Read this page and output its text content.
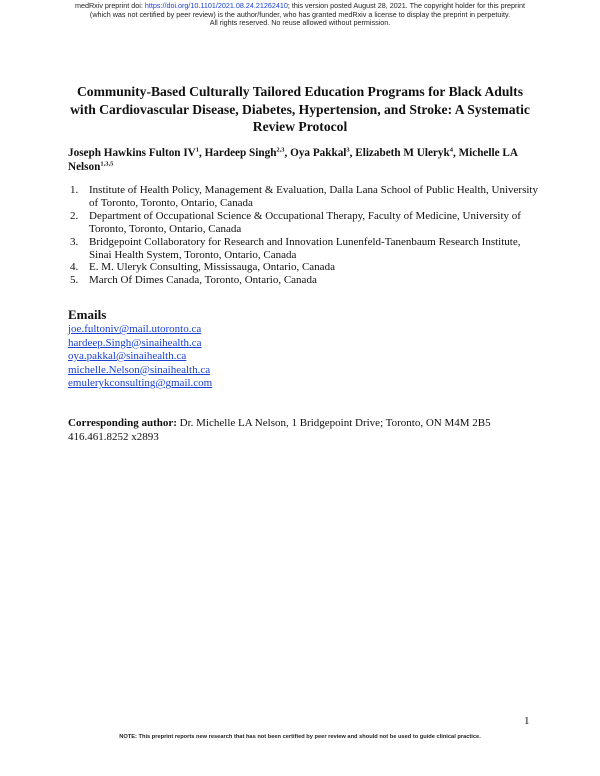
medRxiv preprint doi: https://doi.org/10.1101/2021.08.24.21262410; this version posted August 28, 2021. The copyright holder for this preprint
(which was not certified by peer review) is the author/funder, who has granted medRxiv a license to display the preprint in perpetuity.
All rights reserved. No reuse allowed without permission.
Community-Based Culturally Tailored Education Programs for Black Adults with Cardiovascular Disease, Diabetes, Hypertension, and Stroke: A Systematic Review Protocol
Joseph Hawkins Fulton $IV^1$, Hardeep Singh$^{2,3}$, Oya Pakkal$^3$, Elizabeth M Uleryk$^4$, Michelle LA Nelson$^{1,3,5}$
1. Institute of Health Policy, Management & Evaluation, Dalla Lana School of Public Health, University of Toronto, Toronto, Ontario, Canada
2. Department of Occupational Science & Occupational Therapy, Faculty of Medicine, University of Toronto, Toronto, Ontario, Canada
3. Bridgepoint Collaboratory for Research and Innovation Lunenfeld-Tanenbaum Research Institute, Sinai Health System, Toronto, Ontario, Canada
4. E. M. Uleryk Consulting, Mississauga, Ontario, Canada
5. March Of Dimes Canada, Toronto, Ontario, Canada
Emails
joe.fultoniv@mail.utoronto.ca
hardeep.Singh@sinaihealth.ca
oya.pakkal@sinaihealth.ca
michelle.Nelson@sinaihealth.ca
emulerykconsulting@gmail.com
Corresponding author: Dr. Michelle LA Nelson, 1 Bridgepoint Drive; Toronto, ON M4M 2B5
416.461.8252 x2893
1
NOTE: This preprint reports new research that has not been certified by peer review and should not be used to guide clinical practice.
